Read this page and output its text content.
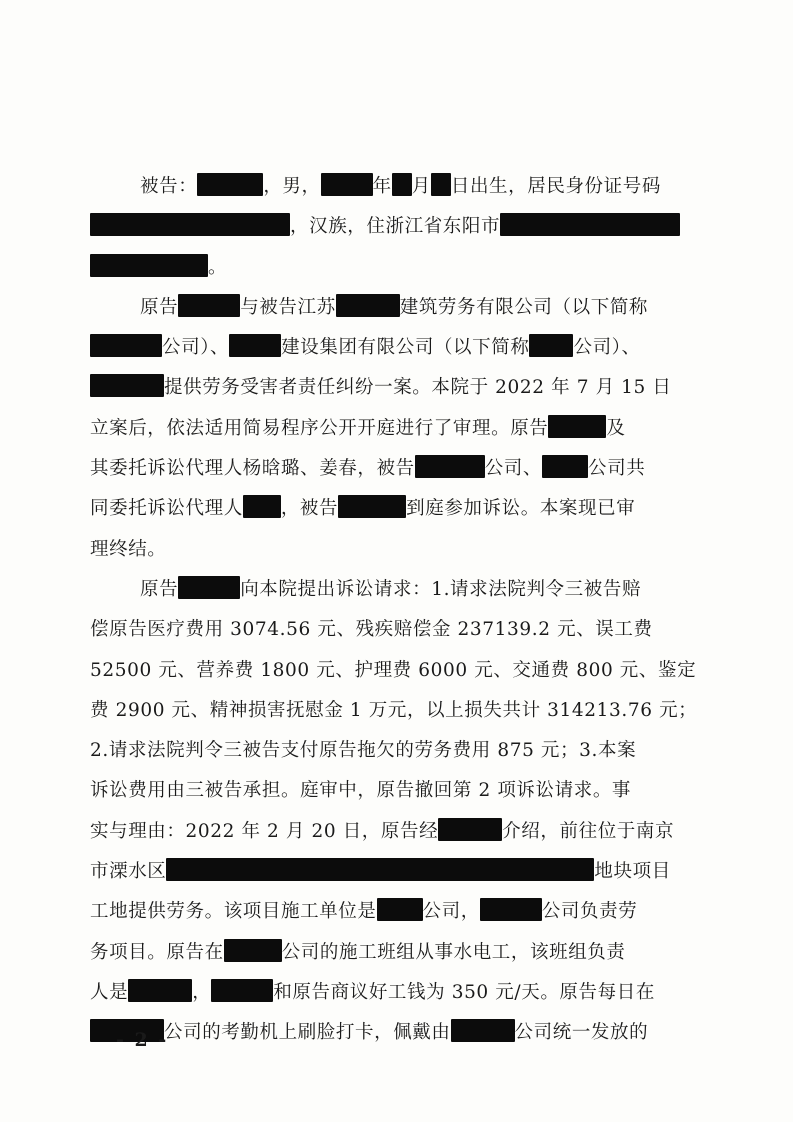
被告：	，男，	年 月 日出生，居民身份证号码
，汉族，住浙江省东阳市
。
原告	与被告江苏	建筑劳务有限公司（以下简称
公司）、	建设集团有限公司（以下简称 公司）、
提供劳务受害者责任纠纷一案。本院于 2022 年 7 月 15 日
立案后，依法适用简易程序公开开庭进行了审理。原告	及
其委托诉讼代理人杨晗璐、姜春，被告	公司、 公司共
同委托诉讼代理人 ，被告	到庭参加诉讼。本案现已审
理终结。
原告	向本院提出诉讼请求：1.请求法院判令三被告赔
偿原告医疗费用 3074.56 元、残疾赔偿金 237139.2 元、误工费
52500 元、营养费 1800 元、护理费 6000 元、交通费 800 元、鉴定
费 2900 元、精神损害抚慰金 1 万元，以上损失共计 314213.76 元；
2.请求法院判令三被告支付原告拖欠的劳务费用 875 元；3.本案
诉讼费用由三被告承担。庭审中，原告撤回第 2 项诉讼请求。事
实与理由：2022 年 2 月 20 日，原告经	介绍，前往位于南京
市溧水区	地块项目
工地提供劳务。该项目施工单位是 公司，	公司负责劳
务项目。原告在	公司的施工班组从事水电工，该班组负责
人是	，	和原告商议好工钱为 350 元/天。原告每日在
公司的考勤机上刷脸打卡，佩戴由	公司统一发放的
- 2 -
